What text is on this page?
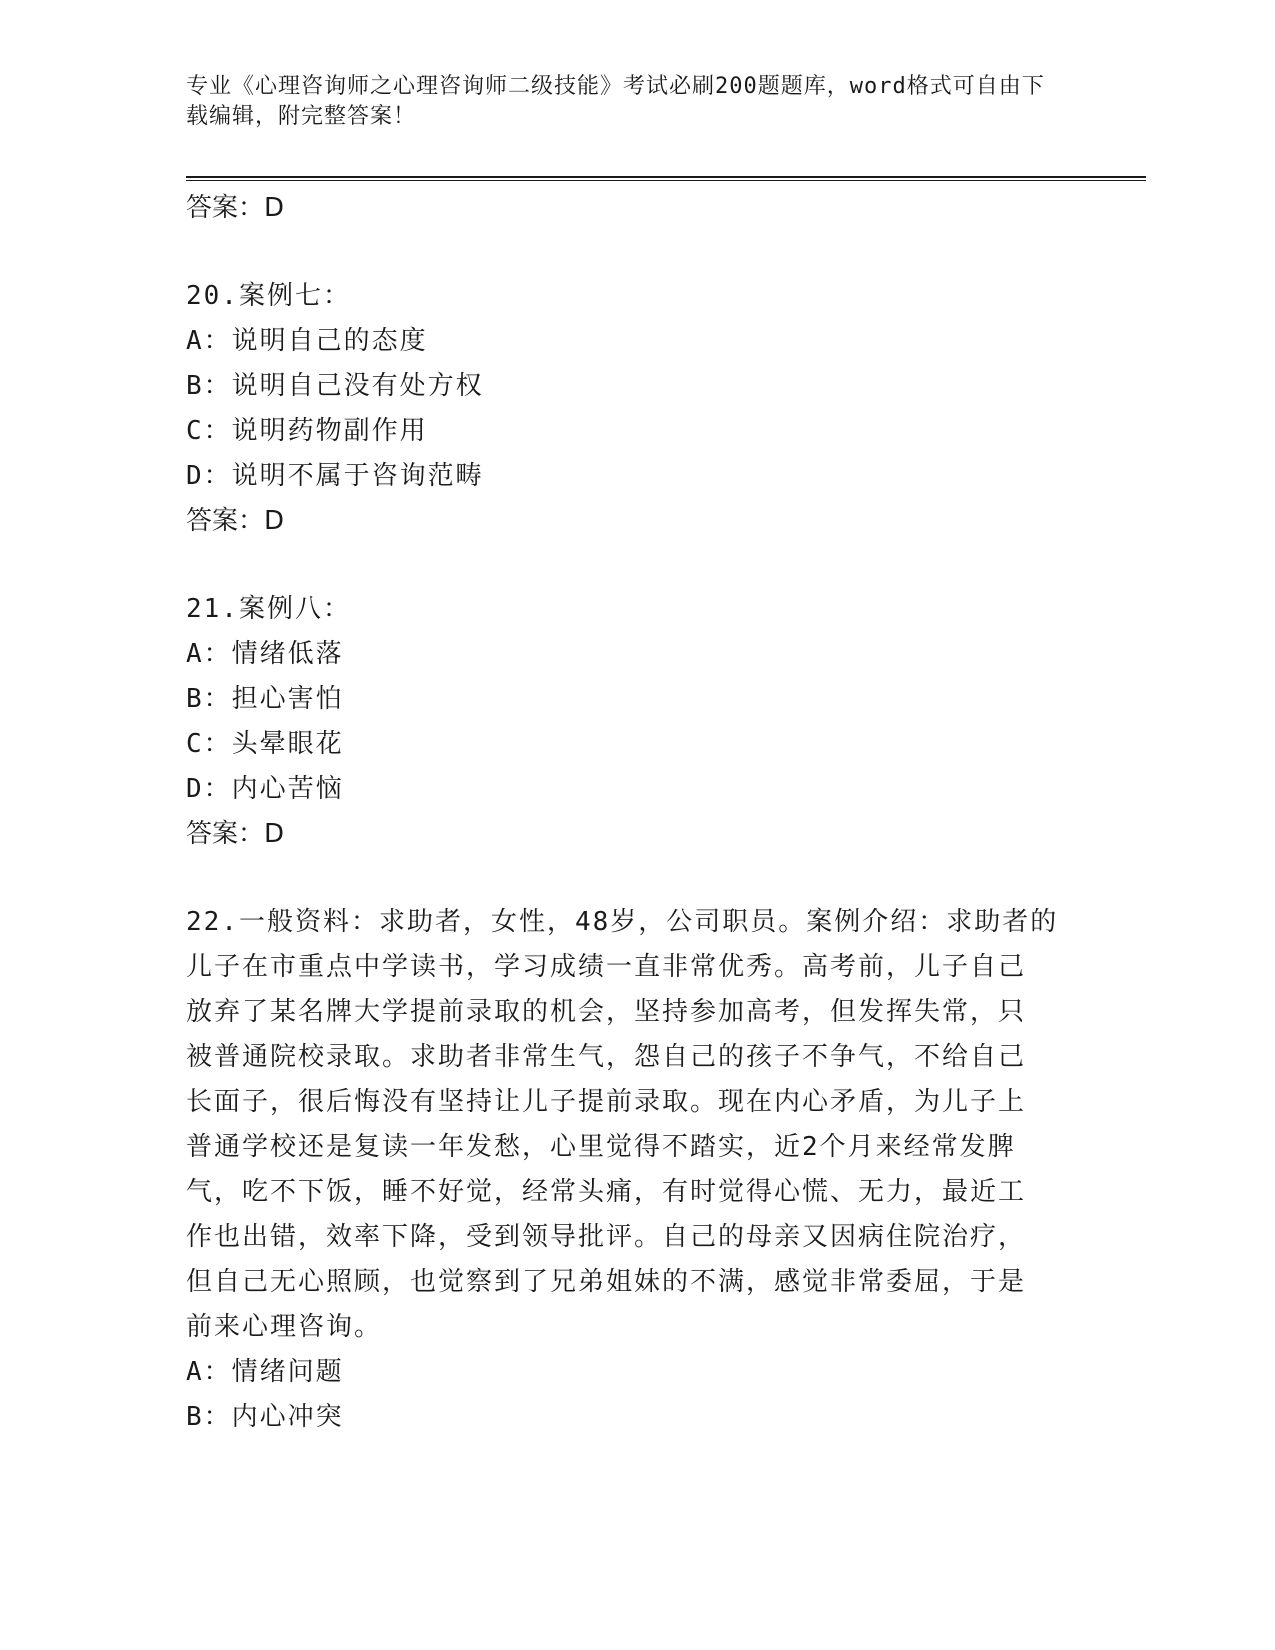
专业《心理咨询师之心理咨询师二级技能》考试必刷200题题库，word格式可自由下载编辑，附完整答案！
答案：D
20.案例七：
A：说明自己的态度
B：说明自己没有处方权
C：说明药物副作用
D：说明不属于咨询范畴
答案：D
21.案例八：
A：情绪低落
B：担心害怕
C：头晕眼花
D：内心苦恼
答案：D
22.一般资料：求助者，女性，48岁，公司职员。案例介绍：求助者的
儿子在市重点中学读书，学习成绩一直非常优秀。高考前，儿子自己
放弃了某名牌大学提前录取的机会，坚持参加高考，但发挥失常，只
被普通院校录取。求助者非常生气，怨自己的孩子不争气，不给自己
长面子，很后悔没有坚持让儿子提前录取。现在内心矛盾，为儿子上
普通学校还是复读一年发愁，心里觉得不踏实，近2个月来经常发脾
气，吃不下饭，睡不好觉，经常头痛，有时觉得心慌、无力，最近工
作也出错，效率下降，受到领导批评。自己的母亲又因病住院治疗，
但自己无心照顾，也觉察到了兄弟姐妹的不满，感觉非常委屈，于是
前来心理咨询。
A：情绪问题
B：内心冲突
